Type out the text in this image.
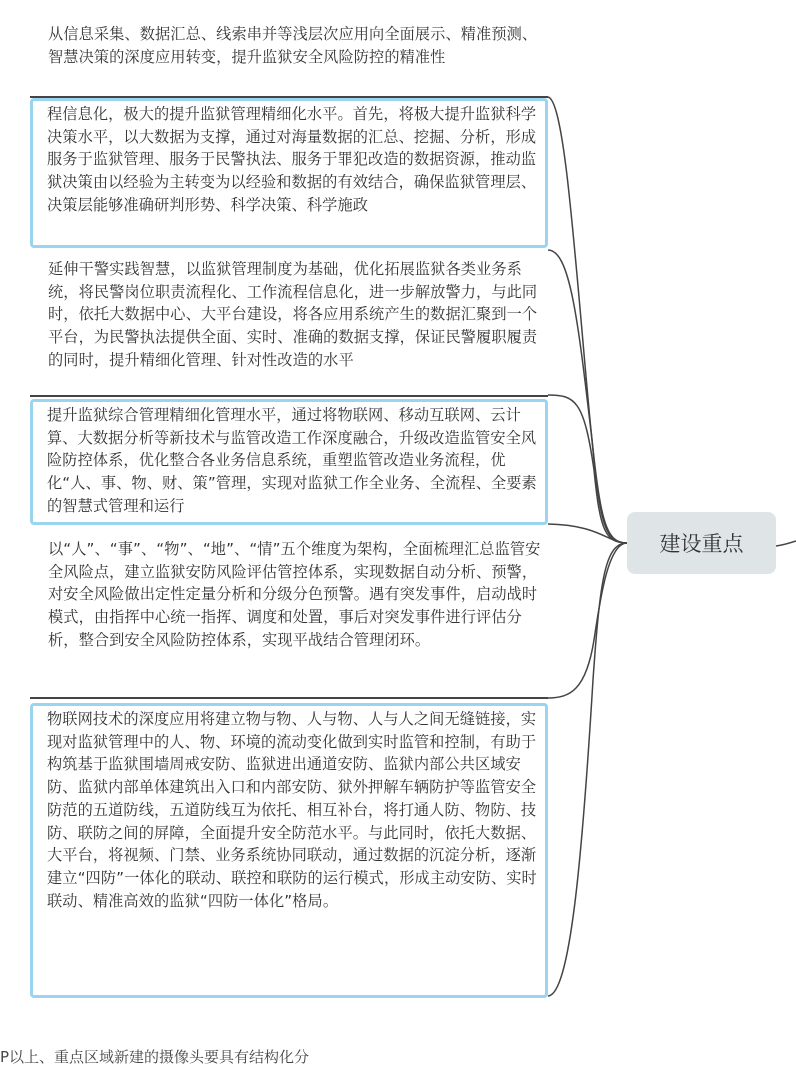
从信息采集、数据汇总、线索串并等浅层次应用向全面展示、精准预测、智慧决策的深度应用转变，提升监狱安全风险防控的精准性
程信息化，极大的提升监狱管理精细化水平。首先，将极大提升监狱科学决策水平，以大数据为支撑，通过对海量数据的汇总、挖掘、分析，形成服务于监狱管理、服务于民警执法、服务于罪犯改造的数据资源，推动监狱决策由以经验为主转变为以经验和数据的有效结合，确保监狱管理层、决策层能够准确研判形势、科学决策、科学施政
延伸干警实践智慧，以监狱管理制度为基础，优化拓展监狱各类业务系统，将民警岗位职责流程化、工作流程信息化，进一步解放警力，与此同时，依托大数据中心、大平台建设，将各应用系统产生的数据汇聚到一个平台，为民警执法提供全面、实时、准确的数据支撑，保证民警履职履责的同时，提升精细化管理、针对性改造的水平
提升监狱综合管理精细化管理水平，通过将物联网、移动互联网、云计算、大数据分析等新技术与监管改造工作深度融合，升级改造监管安全风险防控体系，优化整合各业务信息系统，重塑监管改造业务流程，优化“人、事、物、财、策”管理，实现对监狱工作全业务、全流程、全要素的智慧式管理和运行
以“人”、“事”、“物”、“地”、“情”五个维度为架构，全面梳理汇总监管安全风险点，建立监狱安防风险评估管控体系，实现数据自动分析、预警，对安全风险做出定性定量分析和分级分色预警。遇有突发事件，启动战时模式，由指挥中心统一指挥、调度和处置，事后对突发事件进行评估分析，整合到安全风险防控体系，实现平战结合管理闭环。
物联网技术的深度应用将建立物与物、人与物、人与人之间无缝链接，实现对监狱管理中的人、物、环境的流动变化做到实时监管和控制，有助于构筑基于监狱围墙周戒安防、监狱进出通道安防、监狱内部公共区域安防、监狱内部单体建筑出入口和内部安防、狱外押解车辆防护等监管安全防范的五道防线，五道防线互为依托、相互补台，将打通人防、物防、技防、联防之间的屏障，全面提升安全防范水平。与此同时，依托大数据、大平台，将视频、门禁、业务系统协同联动，通过数据的沉淀分析，逐渐建立“四防”一体化的联动、联控和联防的运行模式，形成主动安防、实时联动、精准高效的监狱“四防一体化”格局。
建设重点
P以上、重点区域新建的摄像头要具有结构化分
